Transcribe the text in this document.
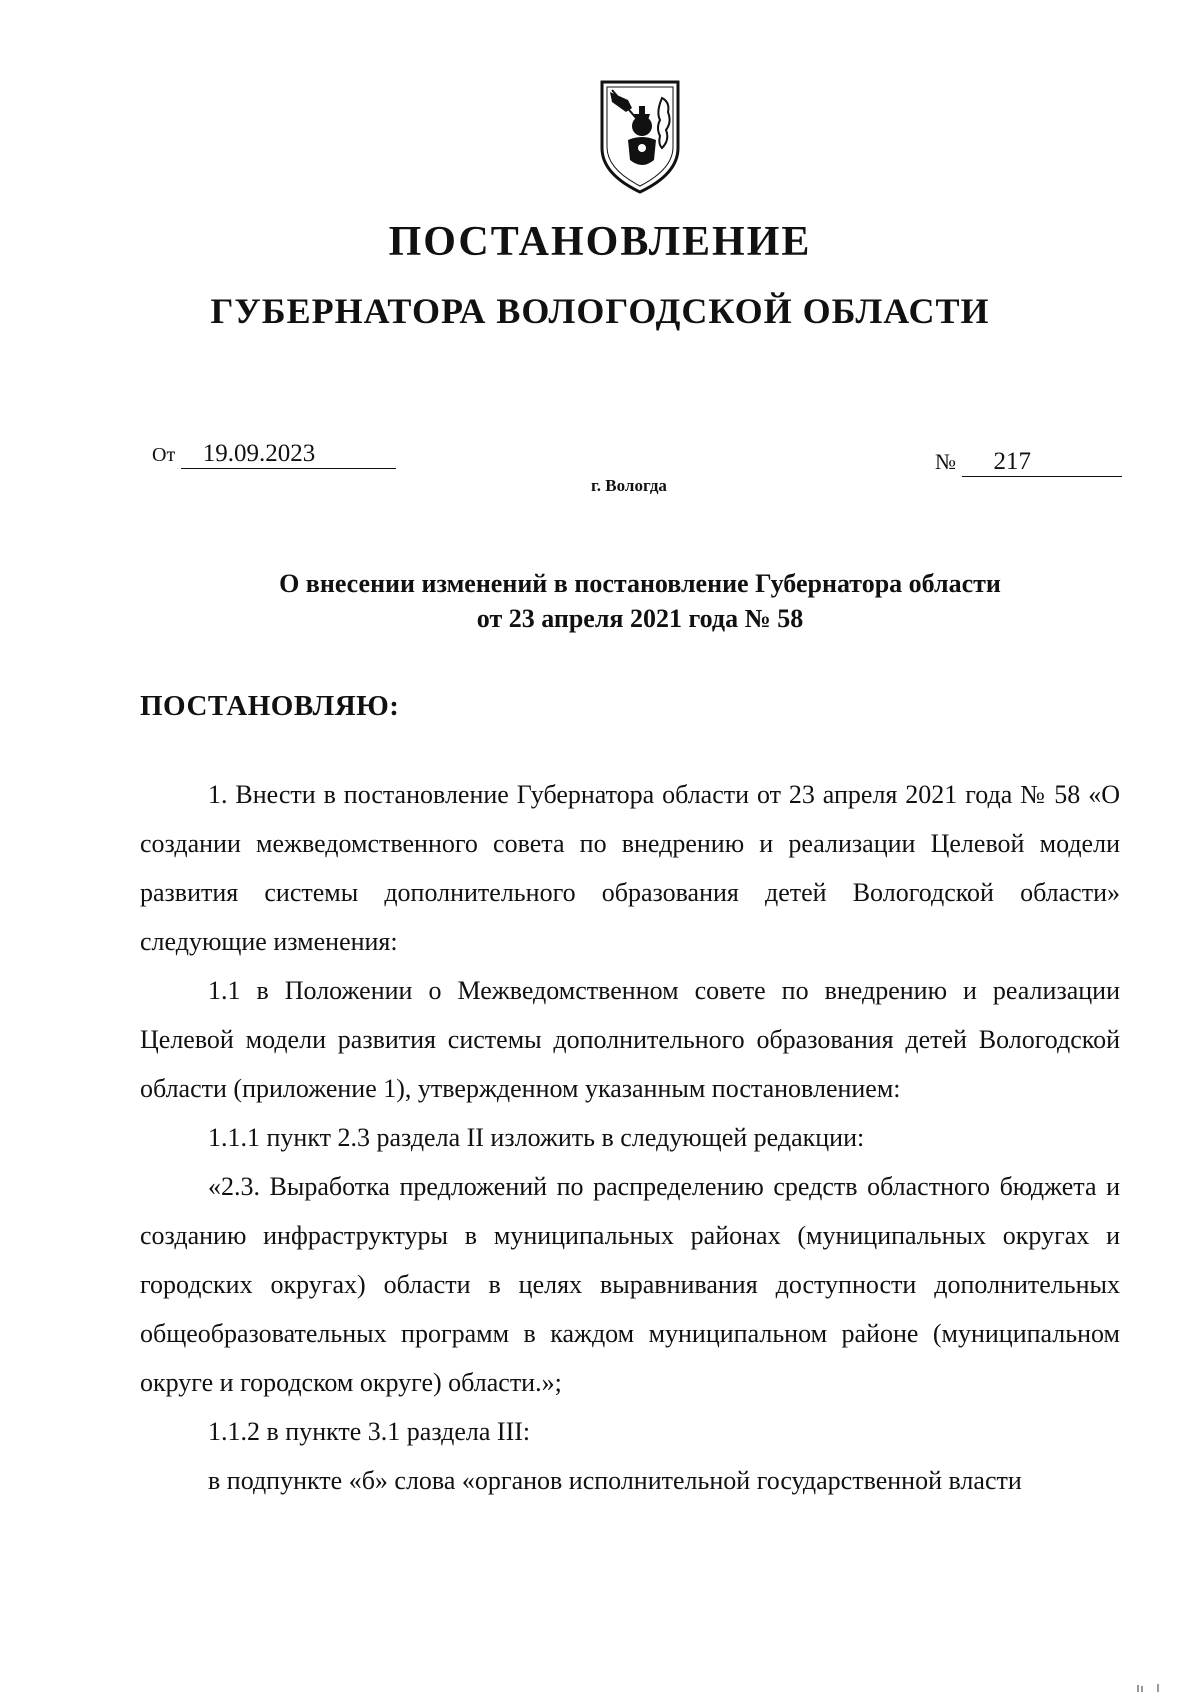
ПОСТАНОВЛЕНИЕ
ГУБЕРНАТОРА ВОЛОГОДСКОЙ ОБЛАСТИ
От 19.09.2023	№ 217
г. Вологда
О внесении изменений в постановление Губернатора области
от 23 апреля 2021 года № 58
ПОСТАНОВЛЯЮ:

1. Внести в постановление Губернатора области от 23 апреля 2021 года № 58 «О создании межведомственного совета по внедрению и реализации Целевой модели развития системы дополнительного образования детей Вологодской области» следующие изменения:

1.1 в Положении о Межведомственном совете по внедрению и реализации Целевой модели развития системы дополнительного образования детей Вологодской области (приложение 1), утвержденном указанным постановлением:

1.1.1 пункт 2.3 раздела II изложить в следующей редакции:

«2.3. Выработка предложений по распределению средств областного бюджета и созданию инфраструктуры в муниципальных районах (муниципальных округах и городских округах) области в целях выравнивания доступности дополнительных общеобразовательных программ в каждом муниципальном районе (муниципальном округе и городском округе) области.»;

1.1.2 в пункте 3.1 раздела III:

в подпункте «б» слова «органов исполнительной государственной власти
